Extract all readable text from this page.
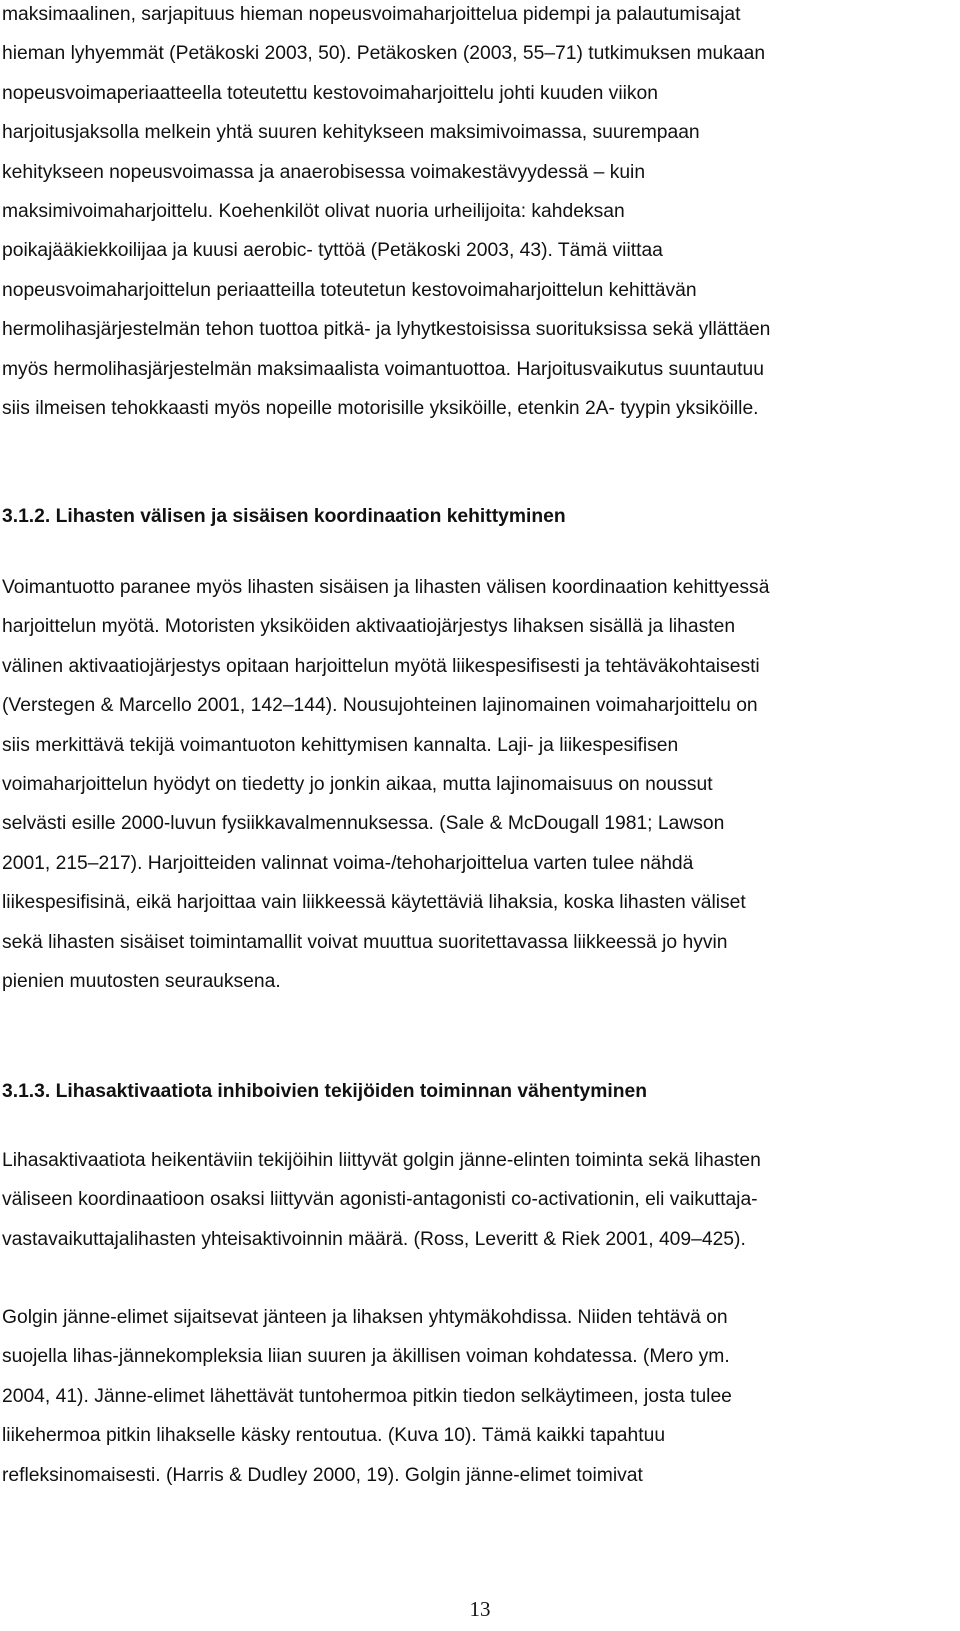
maksimaalinen, sarjapituus hieman nopeusvoimaharjoittelua pidempi ja palautumisajat
hieman lyhyemmät (Petäkoski 2003, 50). Petäkosken (2003, 55–71) tutkimuksen mukaan
nopeusvoimaperiaatteella toteutettu kestovoimaharjoittelu johti kuuden viikon
harjoitusjaksolla melkein yhtä suuren kehitykseen maksimivoimassa, suurempaan
kehitykseen nopeusvoimassa ja anaerobisessa voimakestävyydessä – kuin
maksimivoimaharjoittelu. Koehenkilöt olivat nuoria urheilijoita: kahdeksan
poikajääkiekkoilijaa ja kuusi aerobic- tyttöä (Petäkoski 2003, 43). Tämä viittaa
nopeusvoimaharjoittelun periaatteilla toteutetun kestovoimaharjoittelun kehittävän
hermolihasjärjestelmän tehon tuottoa pitkä- ja lyhytkestoisissa suorituksissa sekä yllättäen
myös hermolihasjärjestelmän maksimaalista voimantuottoa. Harjoitusvaikutus suuntautuu
siis ilmeisen tehokkaasti myös nopeille motorisille yksiköille, etenkin 2A- tyypin yksiköille.

3.1.2. Lihasten välisen ja sisäisen koordinaation kehittyminen

Voimantuotto paranee myös lihasten sisäisen ja lihasten välisen koordinaation kehittyessä
harjoittelun myötä. Motoristen yksiköiden aktivaatiojärjestys lihaksen sisällä ja lihasten
välinen aktivaatiojärjestys opitaan harjoittelun myötä liikespesifisesti ja tehtäväkohtaisesti
(Verstegen & Marcello 2001, 142–144). Nousujohteinen lajinomainen voimaharjoittelu on
siis merkittävä tekijä voimantuoton kehittymisen kannalta. Laji- ja liikespesifisen
voimaharjoittelun hyödyt on tiedetty jo jonkin aikaa, mutta lajinomaisuus on noussut
selvästi esille 2000-luvun fysiikkavalmennuksessa. (Sale & McDougall 1981; Lawson
2001, 215–217). Harjoitteiden valinnat voima-/tehoharjoittelua varten tulee nähdä
liikespesifisinä, eikä harjoittaa vain liikkeessä käytettäviä lihaksia, koska lihasten väliset
sekä lihasten sisäiset toimintamallit voivat muuttua suoritettavassa liikkeessä jo hyvin
pienien muutosten seurauksena.

3.1.3. Lihasaktivaatiota inhiboivien tekijöiden toiminnan vähentyminen

Lihasaktivaatiota heikentäviin tekijöihin liittyvät golgin jänne-elinten toiminta sekä lihasten
väliseen koordinaatioon osaksi liittyvän agonisti-antagonisti co-activationin, eli vaikuttaja-
vastavaikuttajalihasten yhteisaktivoinnin määrä. (Ross, Leveritt & Riek 2001, 409–425).

Golgin jänne-elimet sijaitsevat jänteen ja lihaksen yhtymäkohdissa. Niiden tehtävä on
suojella lihas-jännekompleksia liian suuren ja äkillisen voiman kohdatessa. (Mero ym.
2004, 41). Jänne-elimet lähettävät tuntohermoa pitkin tiedon selkäytimeen, josta tulee
liikehermoa pitkin lihakselle käsky rentoutua. (Kuva 10). Tämä kaikki tapahtuu
refleksinomaisesti. (Harris & Dudley 2000, 19). Golgin jänne-elimet toimivat

13
